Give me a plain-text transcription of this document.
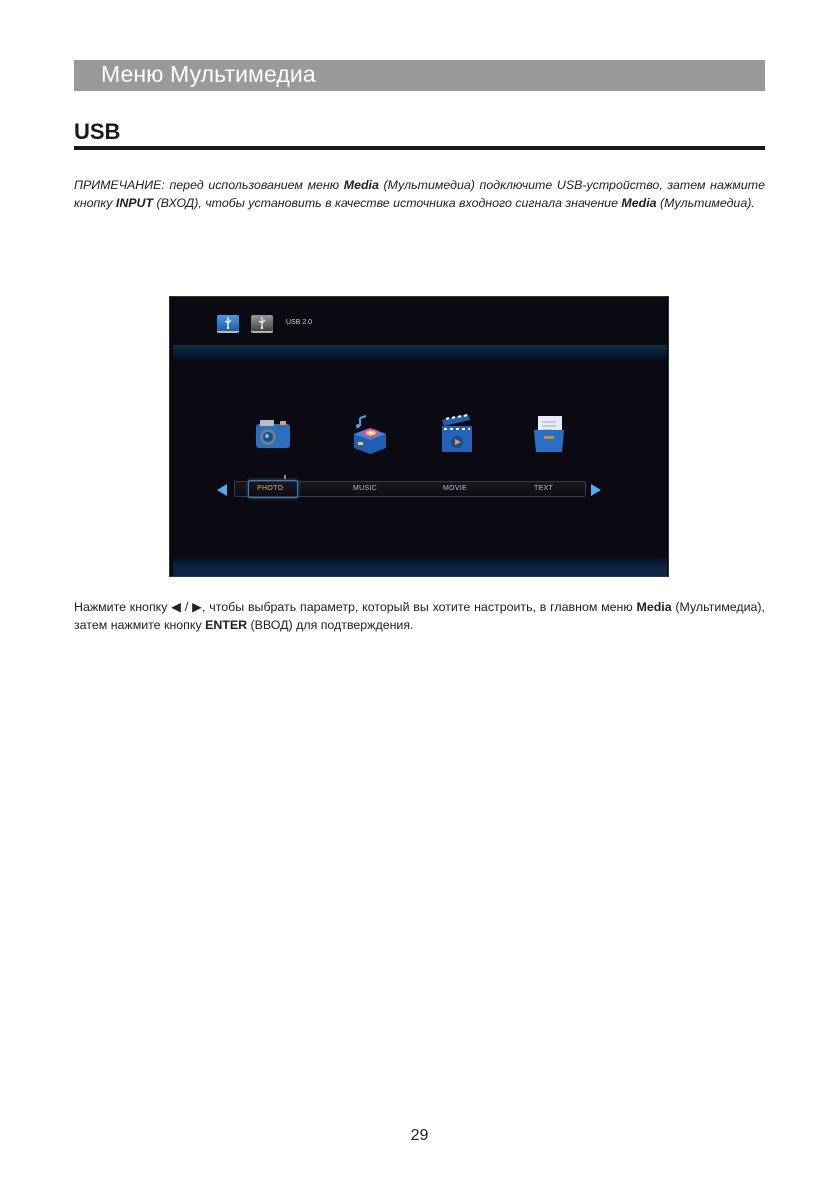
Меню Мультимедиа
USB
ПРИМЕЧАНИЕ: перед использованием меню Media (Мультимедиа) подключите USB-устройство, затем нажмите кнопку INPUT (ВХОД), чтобы установить в качестве источника входного сигнала значение Media (Мультимедиа).
USB 2.0
PHOTO	MUSIC	MOVIE	TEXT
Нажмите кнопку ◀ / ▶, чтобы выбрать параметр, который вы хотите настроить, в главном меню Media (Мультимедиа), затем нажмите кнопку ENTER (ВВОД) для подтверждения.
29
